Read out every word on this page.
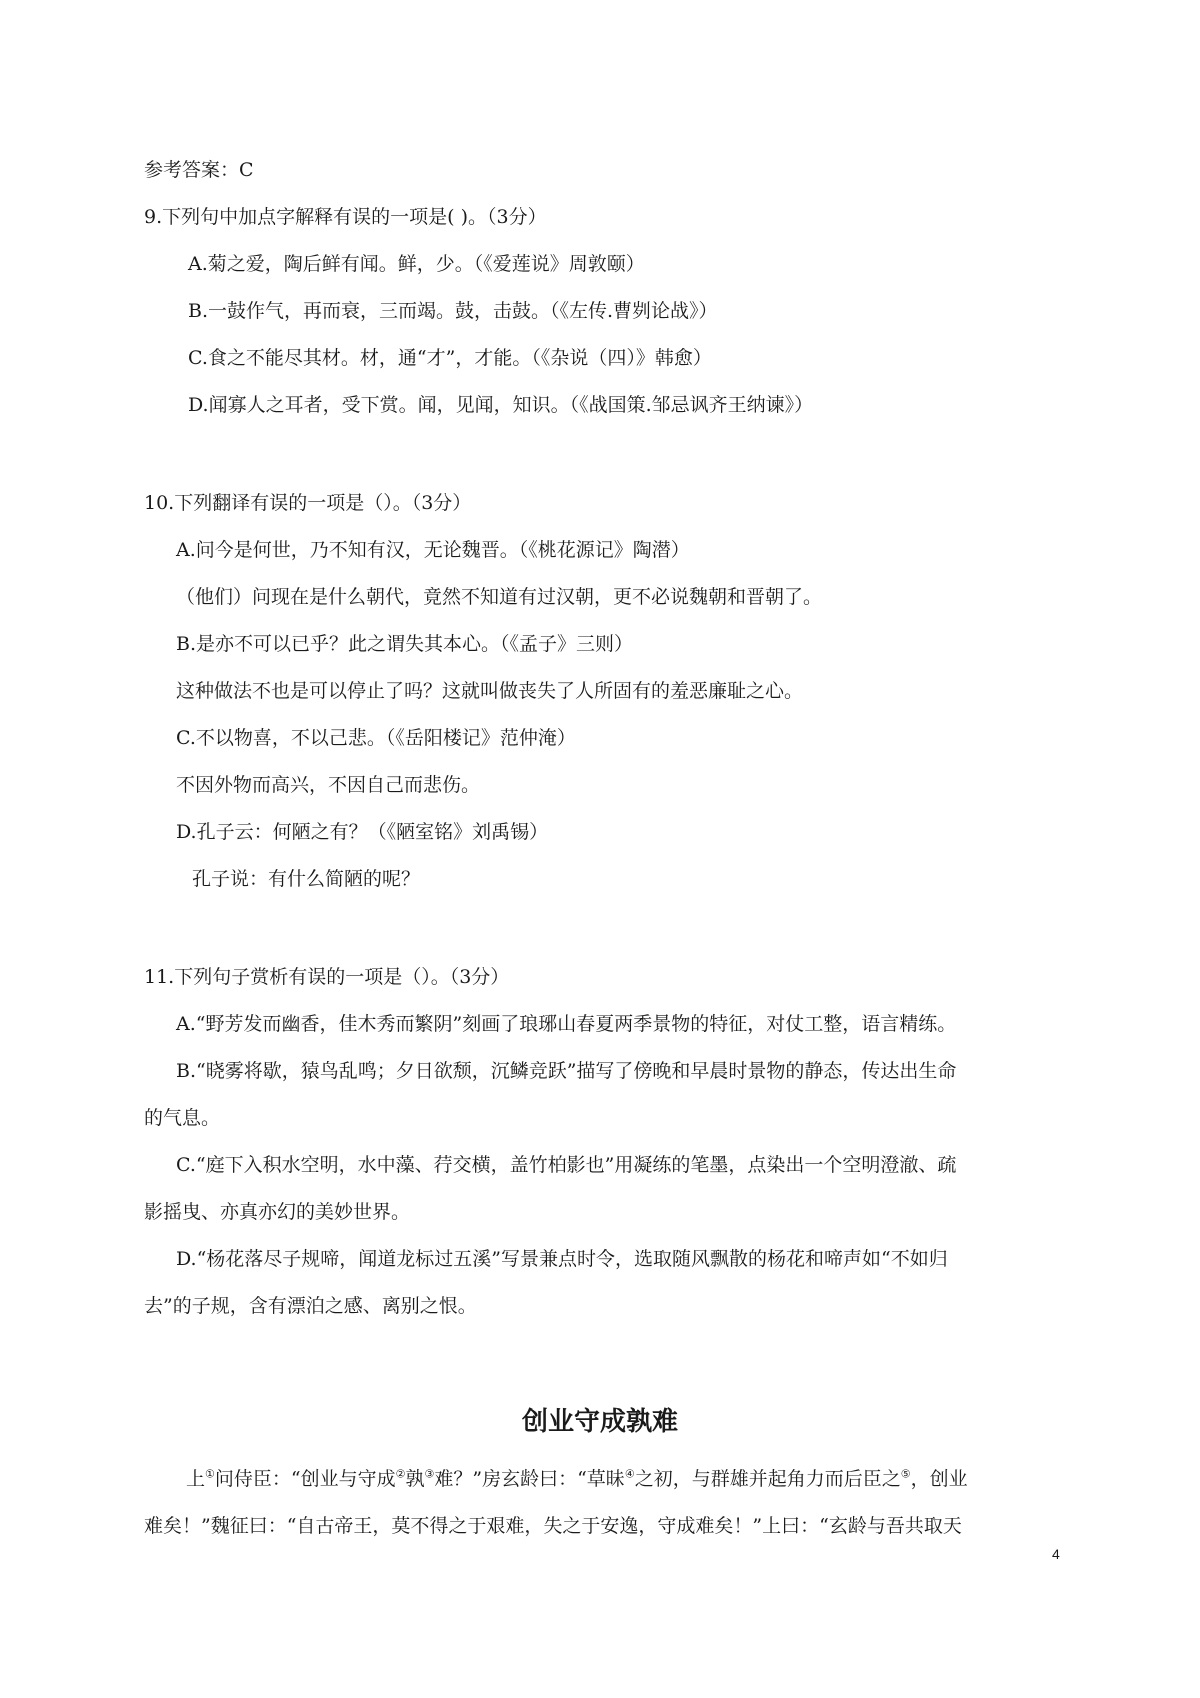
参考答案：C
9.下列句中加点字解释有误的一项是( )。（3分）
A.菊之爱，陶后鲜有闻。鲜，少。（《爱莲说》周敦颐）
B.一鼓作气，再而衰，三而竭。鼓，击鼓。（《左传.曹刿论战》）
C.食之不能尽其材。材，通“才”，才能。（《杂说（四）》韩愈）
D.闻寡人之耳者，受下赏。闻，见闻，知识。（《战国策.邹忌讽齐王纳谏》）
10.下列翻译有误的一项是（）。（3分）
A.问今是何世，乃不知有汉，无论魏晋。（《桃花源记》陶潜）
（他们）问现在是什么朝代，竟然不知道有过汉朝，更不必说魏朝和晋朝了。
B.是亦不可以已乎？此之谓失其本心。（《孟子》三则）
这种做法不也是可以停止了吗？这就叫做丧失了人所固有的羞恶廉耻之心。
C.不以物喜，不以己悲。（《岳阳楼记》范仲淹）
不因外物而高兴，不因自己而悲伤。
D.孔子云：何陋之有？（《陋室铭》刘禹锡）
孔子说：有什么简陋的呢？
11.下列句子赏析有误的一项是（）。（3分）
A.“野芳发而幽香，佳木秀而繁阴”刻画了琅琊山春夏两季景物的特征，对仗工整，语言精练。
B.“晓雾将歇，猿鸟乱鸣；夕日欲颓，沉鳞竞跃”描写了傍晚和早晨时景物的静态，传达出生命
的气息。
C.“庭下入积水空明，水中藻、荇交横，盖竹柏影也”用凝练的笔墨，点染出一个空明澄澈、疏
影摇曳、亦真亦幻的美妙世界。
D.“杨花落尽子规啼，闻道龙标过五溪”写景兼点时令，选取随风飘散的杨花和啼声如“不如归
去”的子规，含有漂泊之感、离别之恨。
创业守成孰难
上①问侍臣：“创业与守成②孰③难？”房玄龄曰：“草昧④之初，与群雄并起角力而后臣之⑤，创业
难矣！”魏征曰：“自古帝王，莫不得之于艰难，失之于安逸，守成难矣！”上曰：“玄龄与吾共取天
4
